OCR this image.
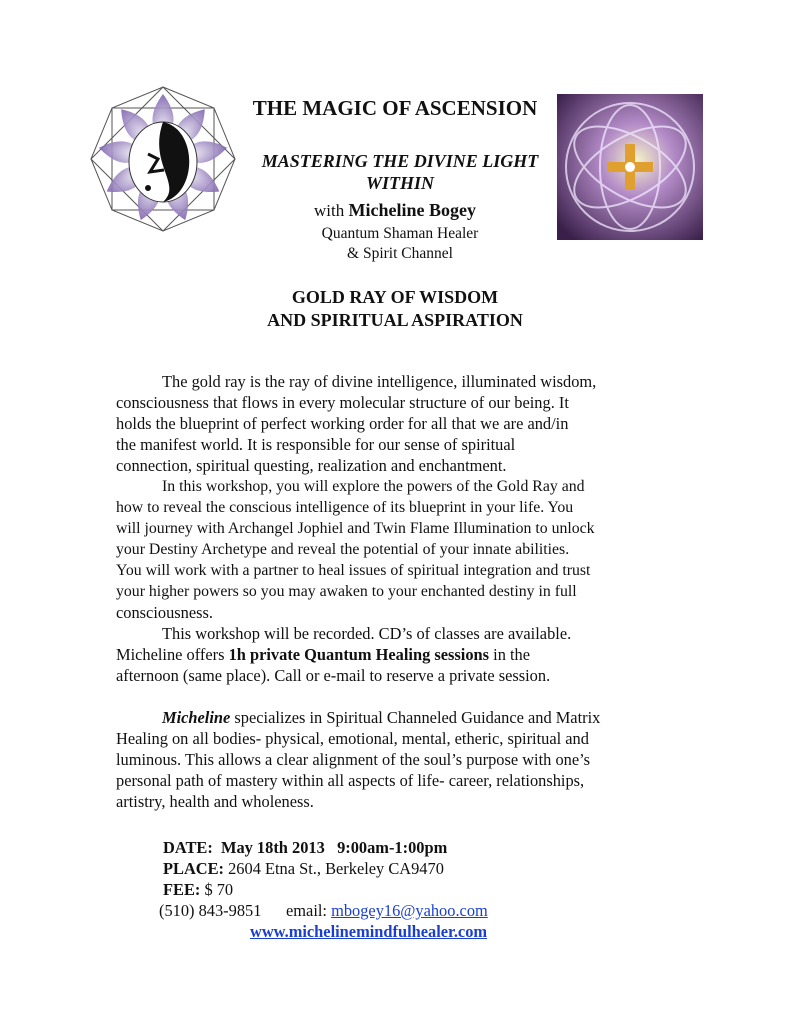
THE MAGIC OF ASCENSION
MASTERING THE DIVINE LIGHT
WITHIN
with Micheline Bogey
Quantum Shaman Healer
& Spirit Channel
GOLD RAY OF WISDOM
AND SPIRITUAL ASPIRATION

The gold ray is the ray of divine intelligence, illuminated wisdom,
consciousness that flows in every molecular structure of our being. It
holds the blueprint of perfect working order for all that we are and/in
the manifest world. It is responsible for our sense of spiritual
connection, spiritual questing, realization and enchantment.
In this workshop, you will explore the powers of the Gold Ray and
how to reveal the conscious intelligence of its blueprint in your life. You
will journey with Archangel Jophiel and Twin Flame Illumination to unlock
your Destiny Archetype and reveal the potential of your innate abilities.
You will work with a partner to heal issues of spiritual integration and trust
your higher powers so you may awaken to your enchanted destiny in full
consciousness.
This workshop will be recorded. CD’s of classes are available.
Micheline offers 1h private Quantum Healing sessions in the
afternoon (same place). Call or e-mail to reserve a private session.

Micheline specializes in Spiritual Channeled Guidance and Matrix
Healing on all bodies- physical, emotional, mental, etheric, spiritual and
luminous. This allows a clear alignment of the soul’s purpose with one’s
personal path of mastery within all aspects of life- career, relationships,
artistry, health and wholeness.

DATE:  May 18th 2013   9:00am-1:00pm
PLACE: 2604 Etna St., Berkeley CA9470
FEE: $ 70
(510) 843-9851      email: mbogey16@yahoo.com
www.michelinemindfulhealer.com
